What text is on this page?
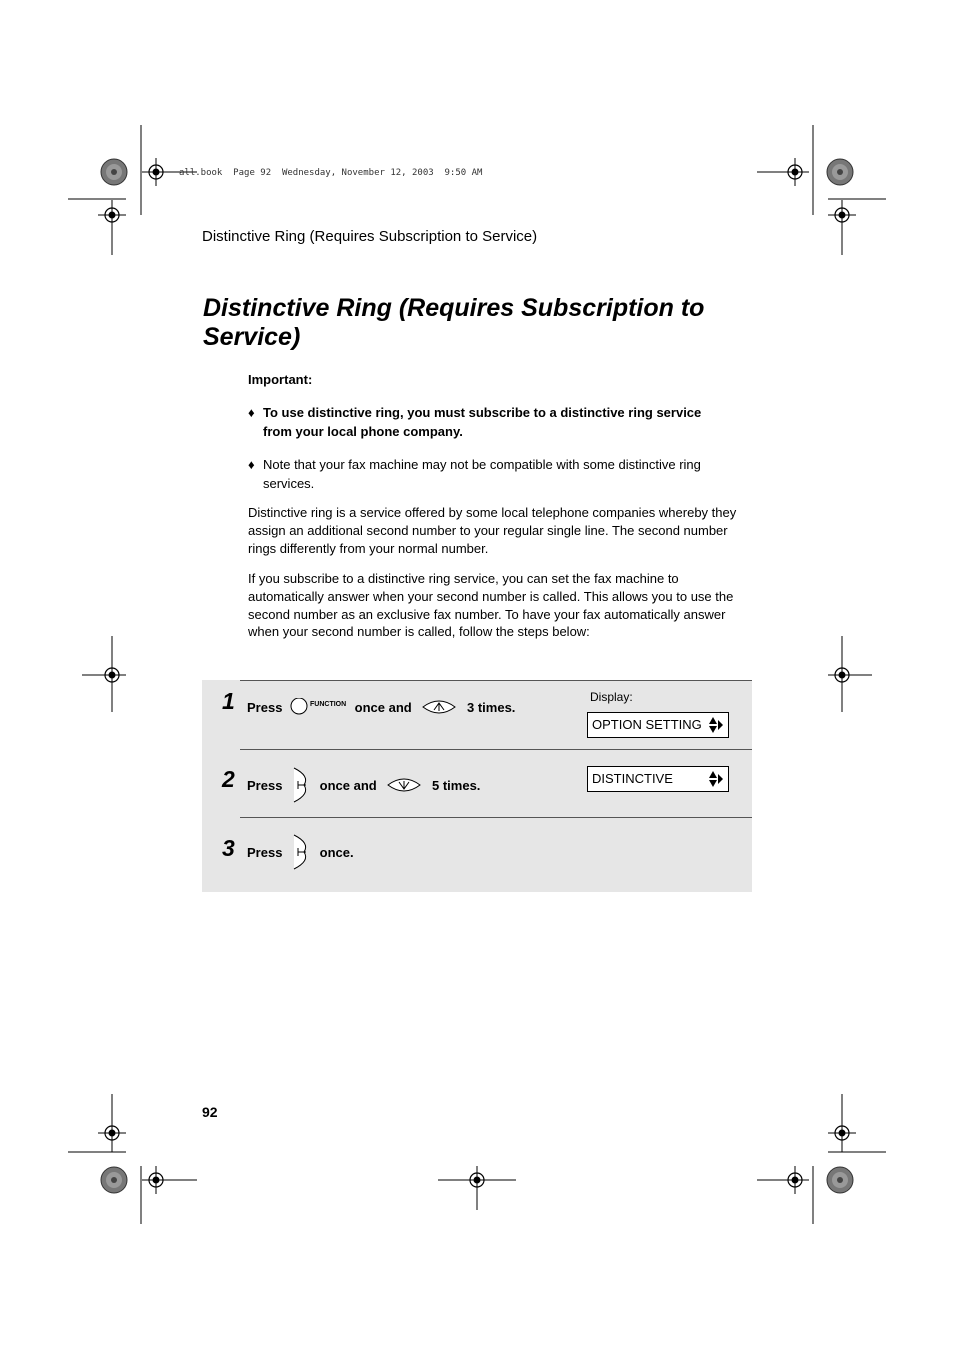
all.book  Page 92  Wednesday, November 12, 2003  9:50 AM
Distinctive Ring (Requires Subscription to Service)
Distinctive Ring (Requires Subscription to
Service)
Important:
♦ To use distinctive ring, you must subscribe to a distinctive ring service from your local phone company.
♦ Note that your fax machine may not be compatible with some distinctive ring services.
Distinctive ring is a service offered by some local telephone companies whereby they assign an additional second number to your regular single line. The second number rings differently from your normal number.
If you subscribe to a distinctive ring service, you can set the fax machine to automatically answer when your second number is called. This allows you to use the second number as an exclusive fax number. To have your fax automatically answer when your second number is called, follow the steps below:
1 Press	FUNCTION once and	3 times.
Display:
OPTION SETTING
2 Press	once and	5 times.	DISTINCTIVE
3 Press	once.
92
